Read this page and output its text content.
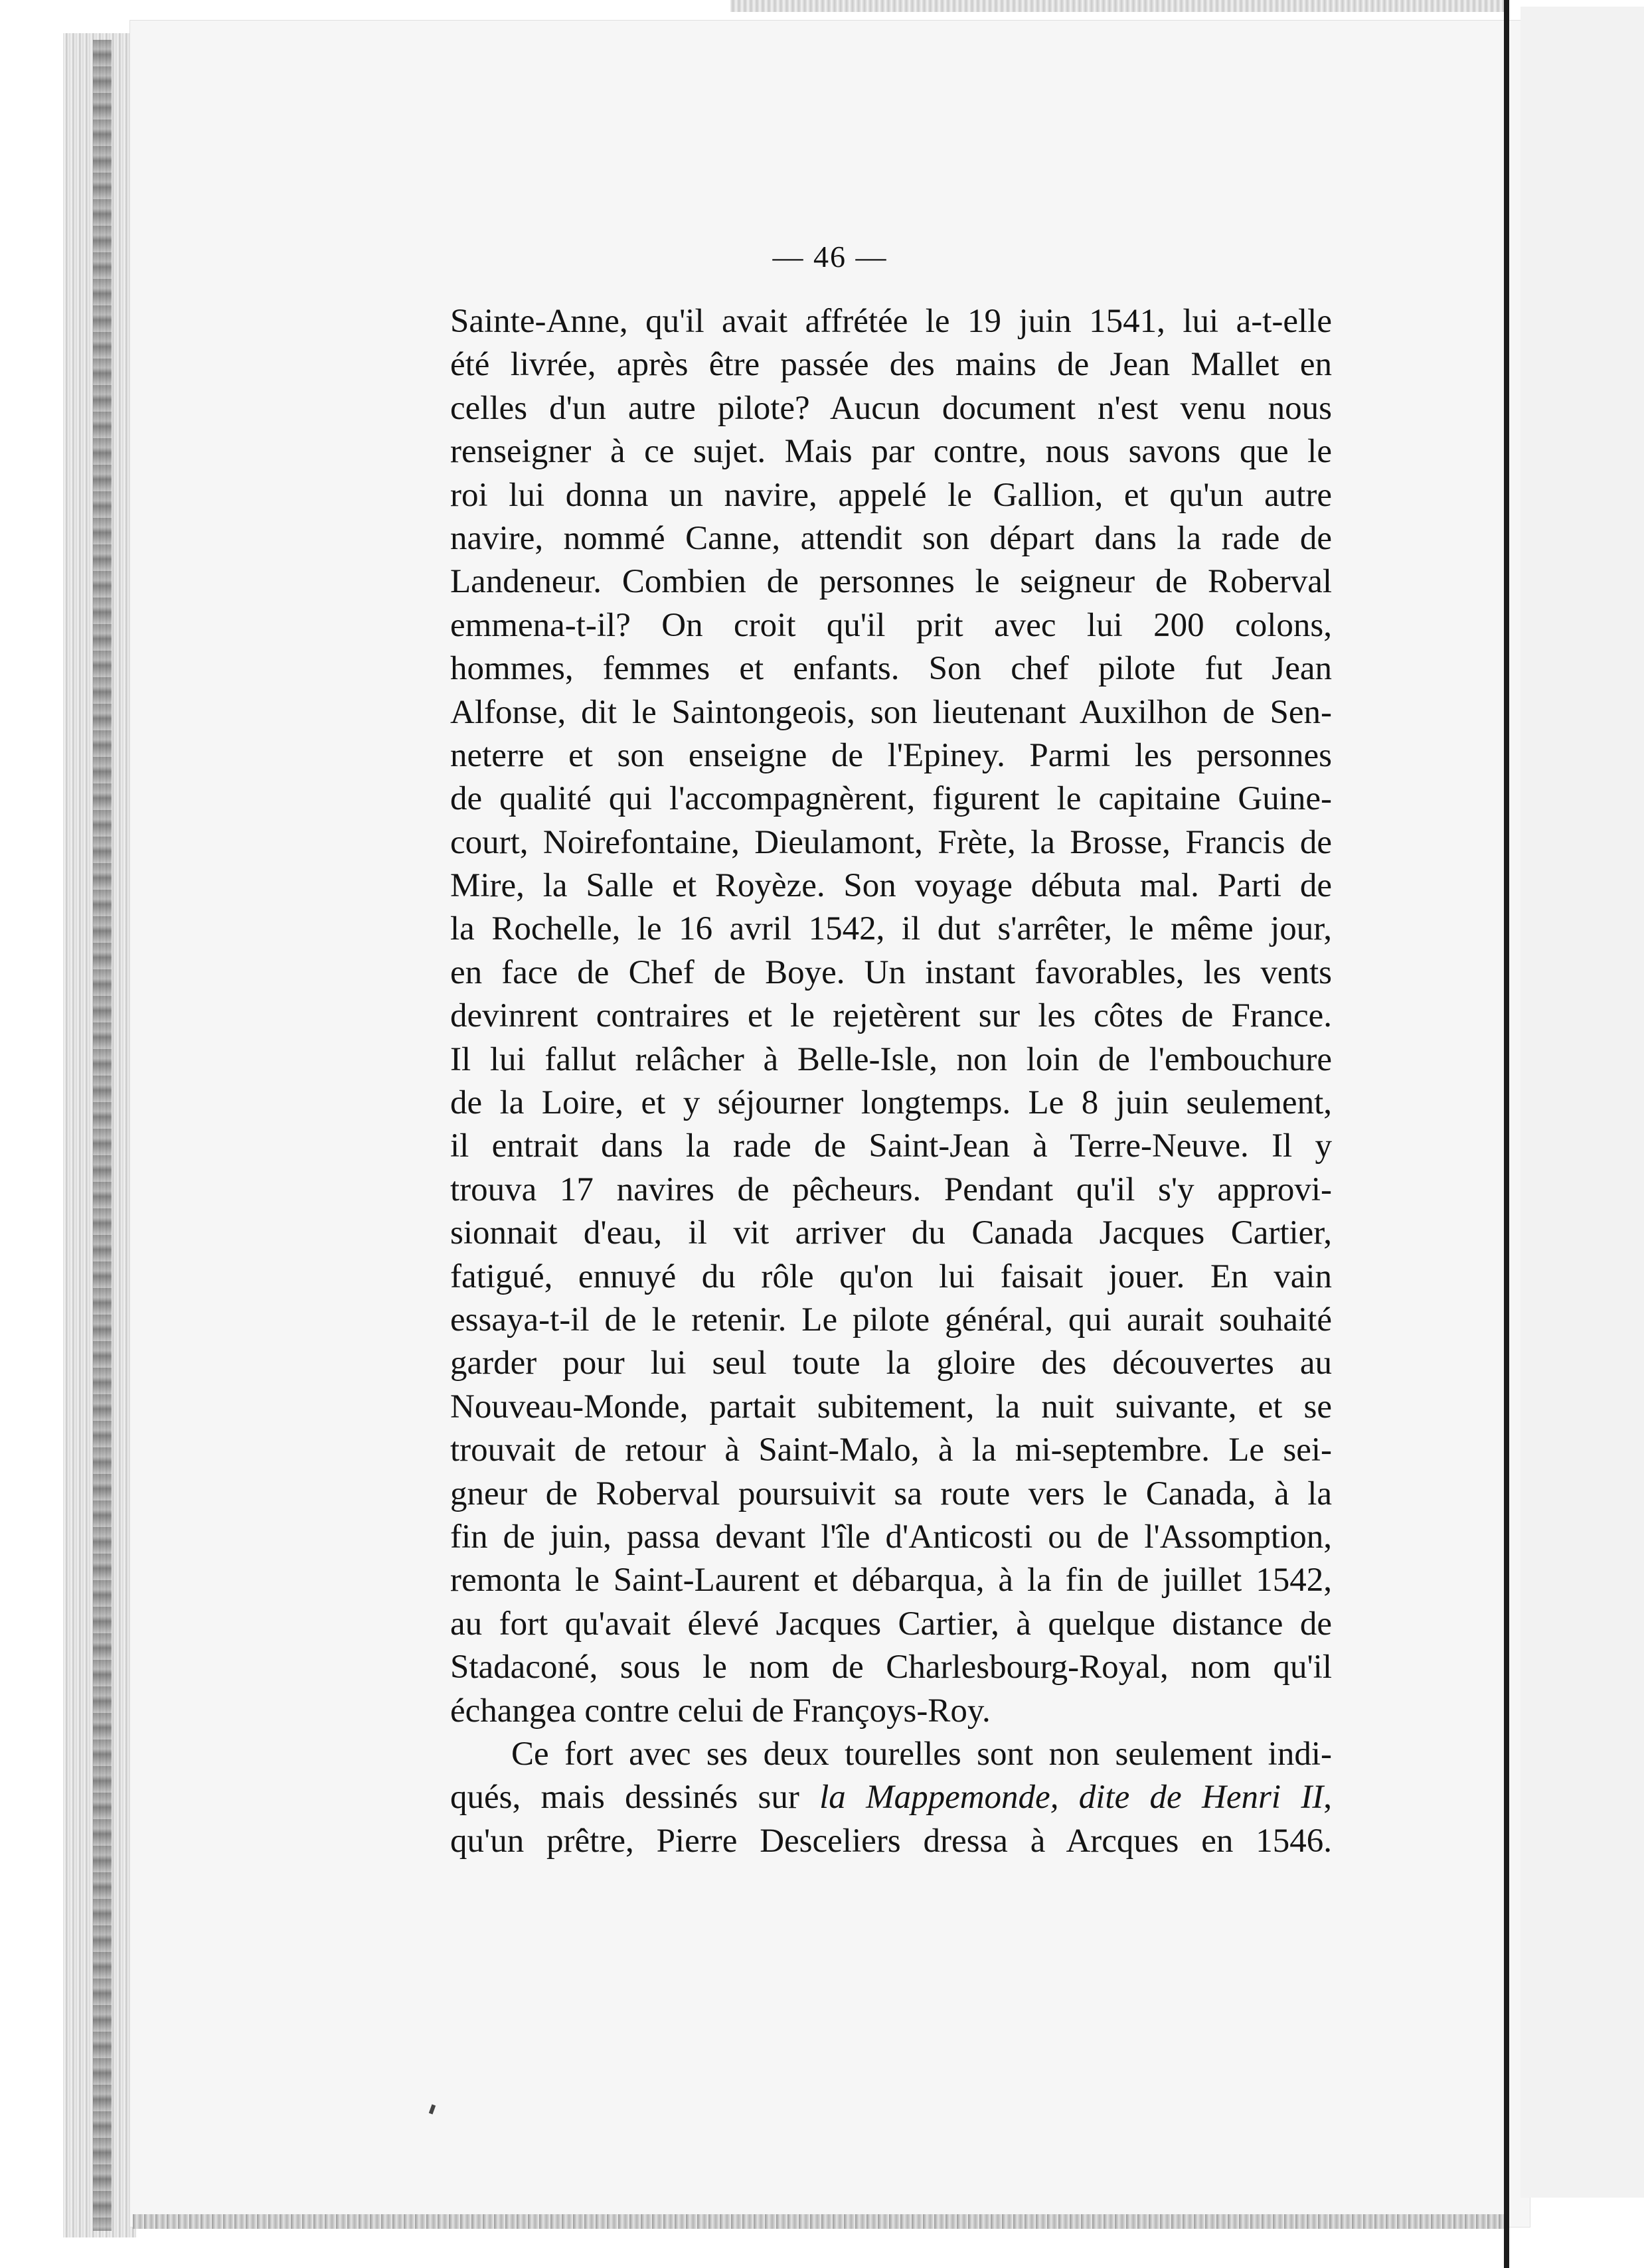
— 46 —
Sainte-Anne, qu'il avait affrétée le 19 juin 1541, lui a-t-elle
été livrée, après être passée des mains de Jean Mallet en
celles d'un autre pilote? Aucun document n'est venu nous
renseigner à ce sujet. Mais par contre, nous savons que le
roi lui donna un navire, appelé le Gallion, et qu'un autre
navire, nommé Canne, attendit son départ dans la rade de
Landeneur. Combien de personnes le seigneur de Roberval
emmena-t-il? On croit qu'il prit avec lui 200 colons,
hommes, femmes et enfants. Son chef pilote fut Jean
Alfonse, dit le Saintongeois, son lieutenant Auxilhon de Sen-
neterre et son enseigne de l'Epiney. Parmi les personnes
de qualité qui l'accompagnèrent, figurent le capitaine Guine-
court, Noirefontaine, Dieulamont, Frète, la Brosse, Francis de
Mire, la Salle et Royèze. Son voyage débuta mal. Parti de
la Rochelle, le 16 avril 1542, il dut s'arrêter, le même jour,
en face de Chef de Boye. Un instant favorables, les vents
devinrent contraires et le rejetèrent sur les côtes de France.
Il lui fallut relâcher à Belle-Isle, non loin de l'embouchure
de la Loire, et y séjourner longtemps. Le 8 juin seulement,
il entrait dans la rade de Saint-Jean à Terre-Neuve. Il y
trouva 17 navires de pêcheurs. Pendant qu'il s'y approvi-
sionnait d'eau, il vit arriver du Canada Jacques Cartier,
fatigué, ennuyé du rôle qu'on lui faisait jouer. En vain
essaya-t-il de le retenir. Le pilote général, qui aurait souhaité
garder pour lui seul toute la gloire des découvertes au
Nouveau-Monde, partait subitement, la nuit suivante, et se
trouvait de retour à Saint-Malo, à la mi-septembre. Le sei-
gneur de Roberval poursuivit sa route vers le Canada, à la
fin de juin, passa devant l'île d'Anticosti ou de l'Assomption,
remonta le Saint-Laurent et débarqua, à la fin de juillet 1542,
au fort qu'avait élevé Jacques Cartier, à quelque distance de
Stadaconé, sous le nom de Charlesbourg-Royal, nom qu'il
échangea contre celui de Françoys-Roy.
Ce fort avec ses deux tourelles sont non seulement indi-
qués, mais dessinés sur la Mappemonde, dite de Henri II,
qu'un prêtre, Pierre Desceliers dressa à Arcques en 1546.
